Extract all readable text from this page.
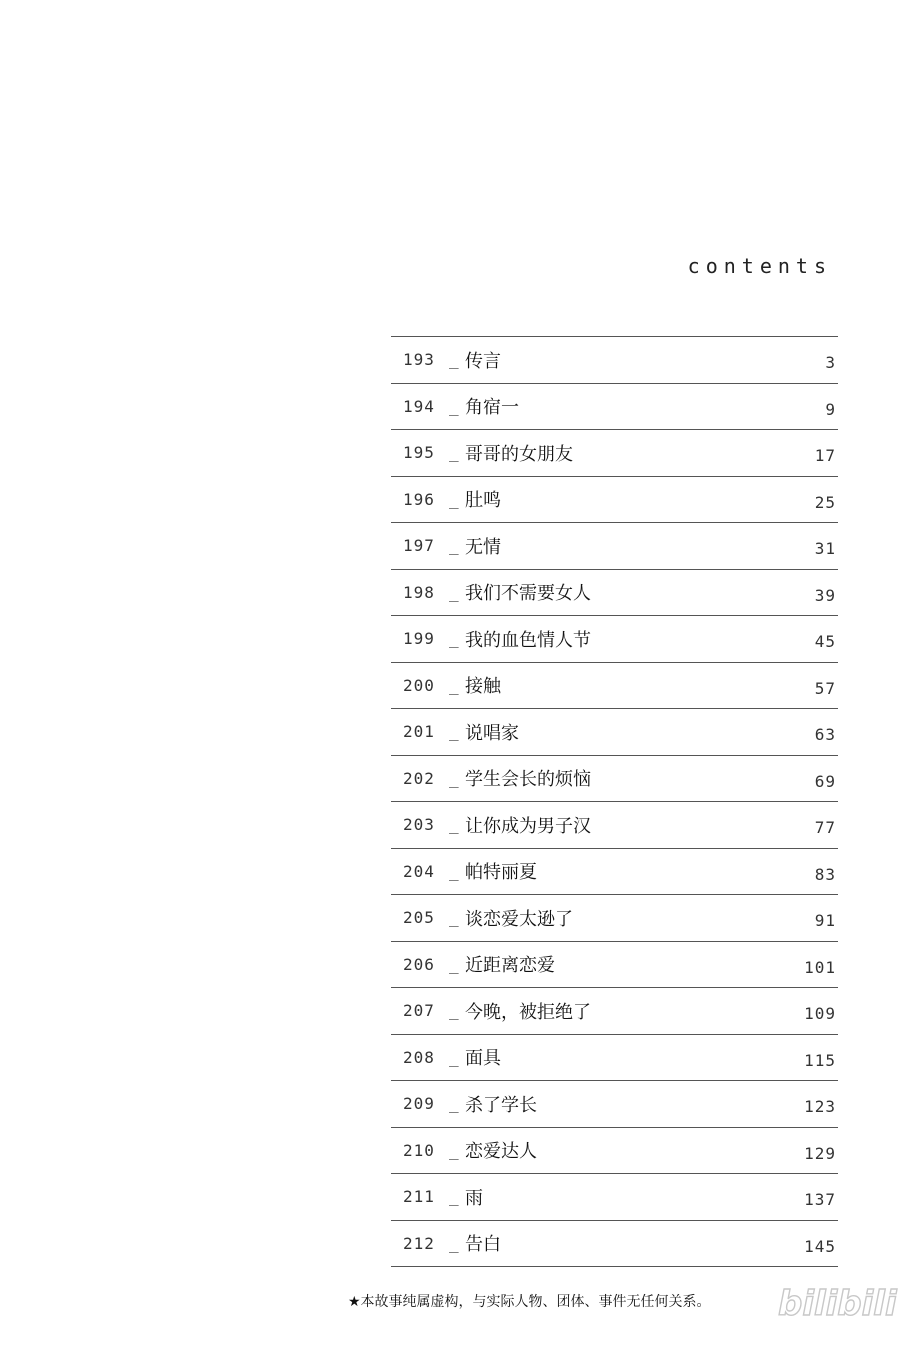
contents
193 _ 传言	3
194 _ 角宿一	9
195 _ 哥哥的女朋友	17
196 _ 肚鸣	25
197 _ 无情	31
198 _ 我们不需要女人	39
199 _ 我的血色情人节	45
200 _ 接触	57
201 _ 说唱家	63
202 _ 学生会长的烦恼	69
203 _ 让你成为男子汉	77
204 _ 帕特丽夏	83
205 _ 谈恋爱太逊了	91
206 _ 近距离恋爱	101
207 _ 今晚，被拒绝了	109
208 _ 面具	115
209 _ 杀了学长	123
210 _ 恋爱达人	129
211 _ 雨	137
212 _ 告白	145
★本故事纯属虚构，与实际人物、团体、事件无任何关系。 bilibili
